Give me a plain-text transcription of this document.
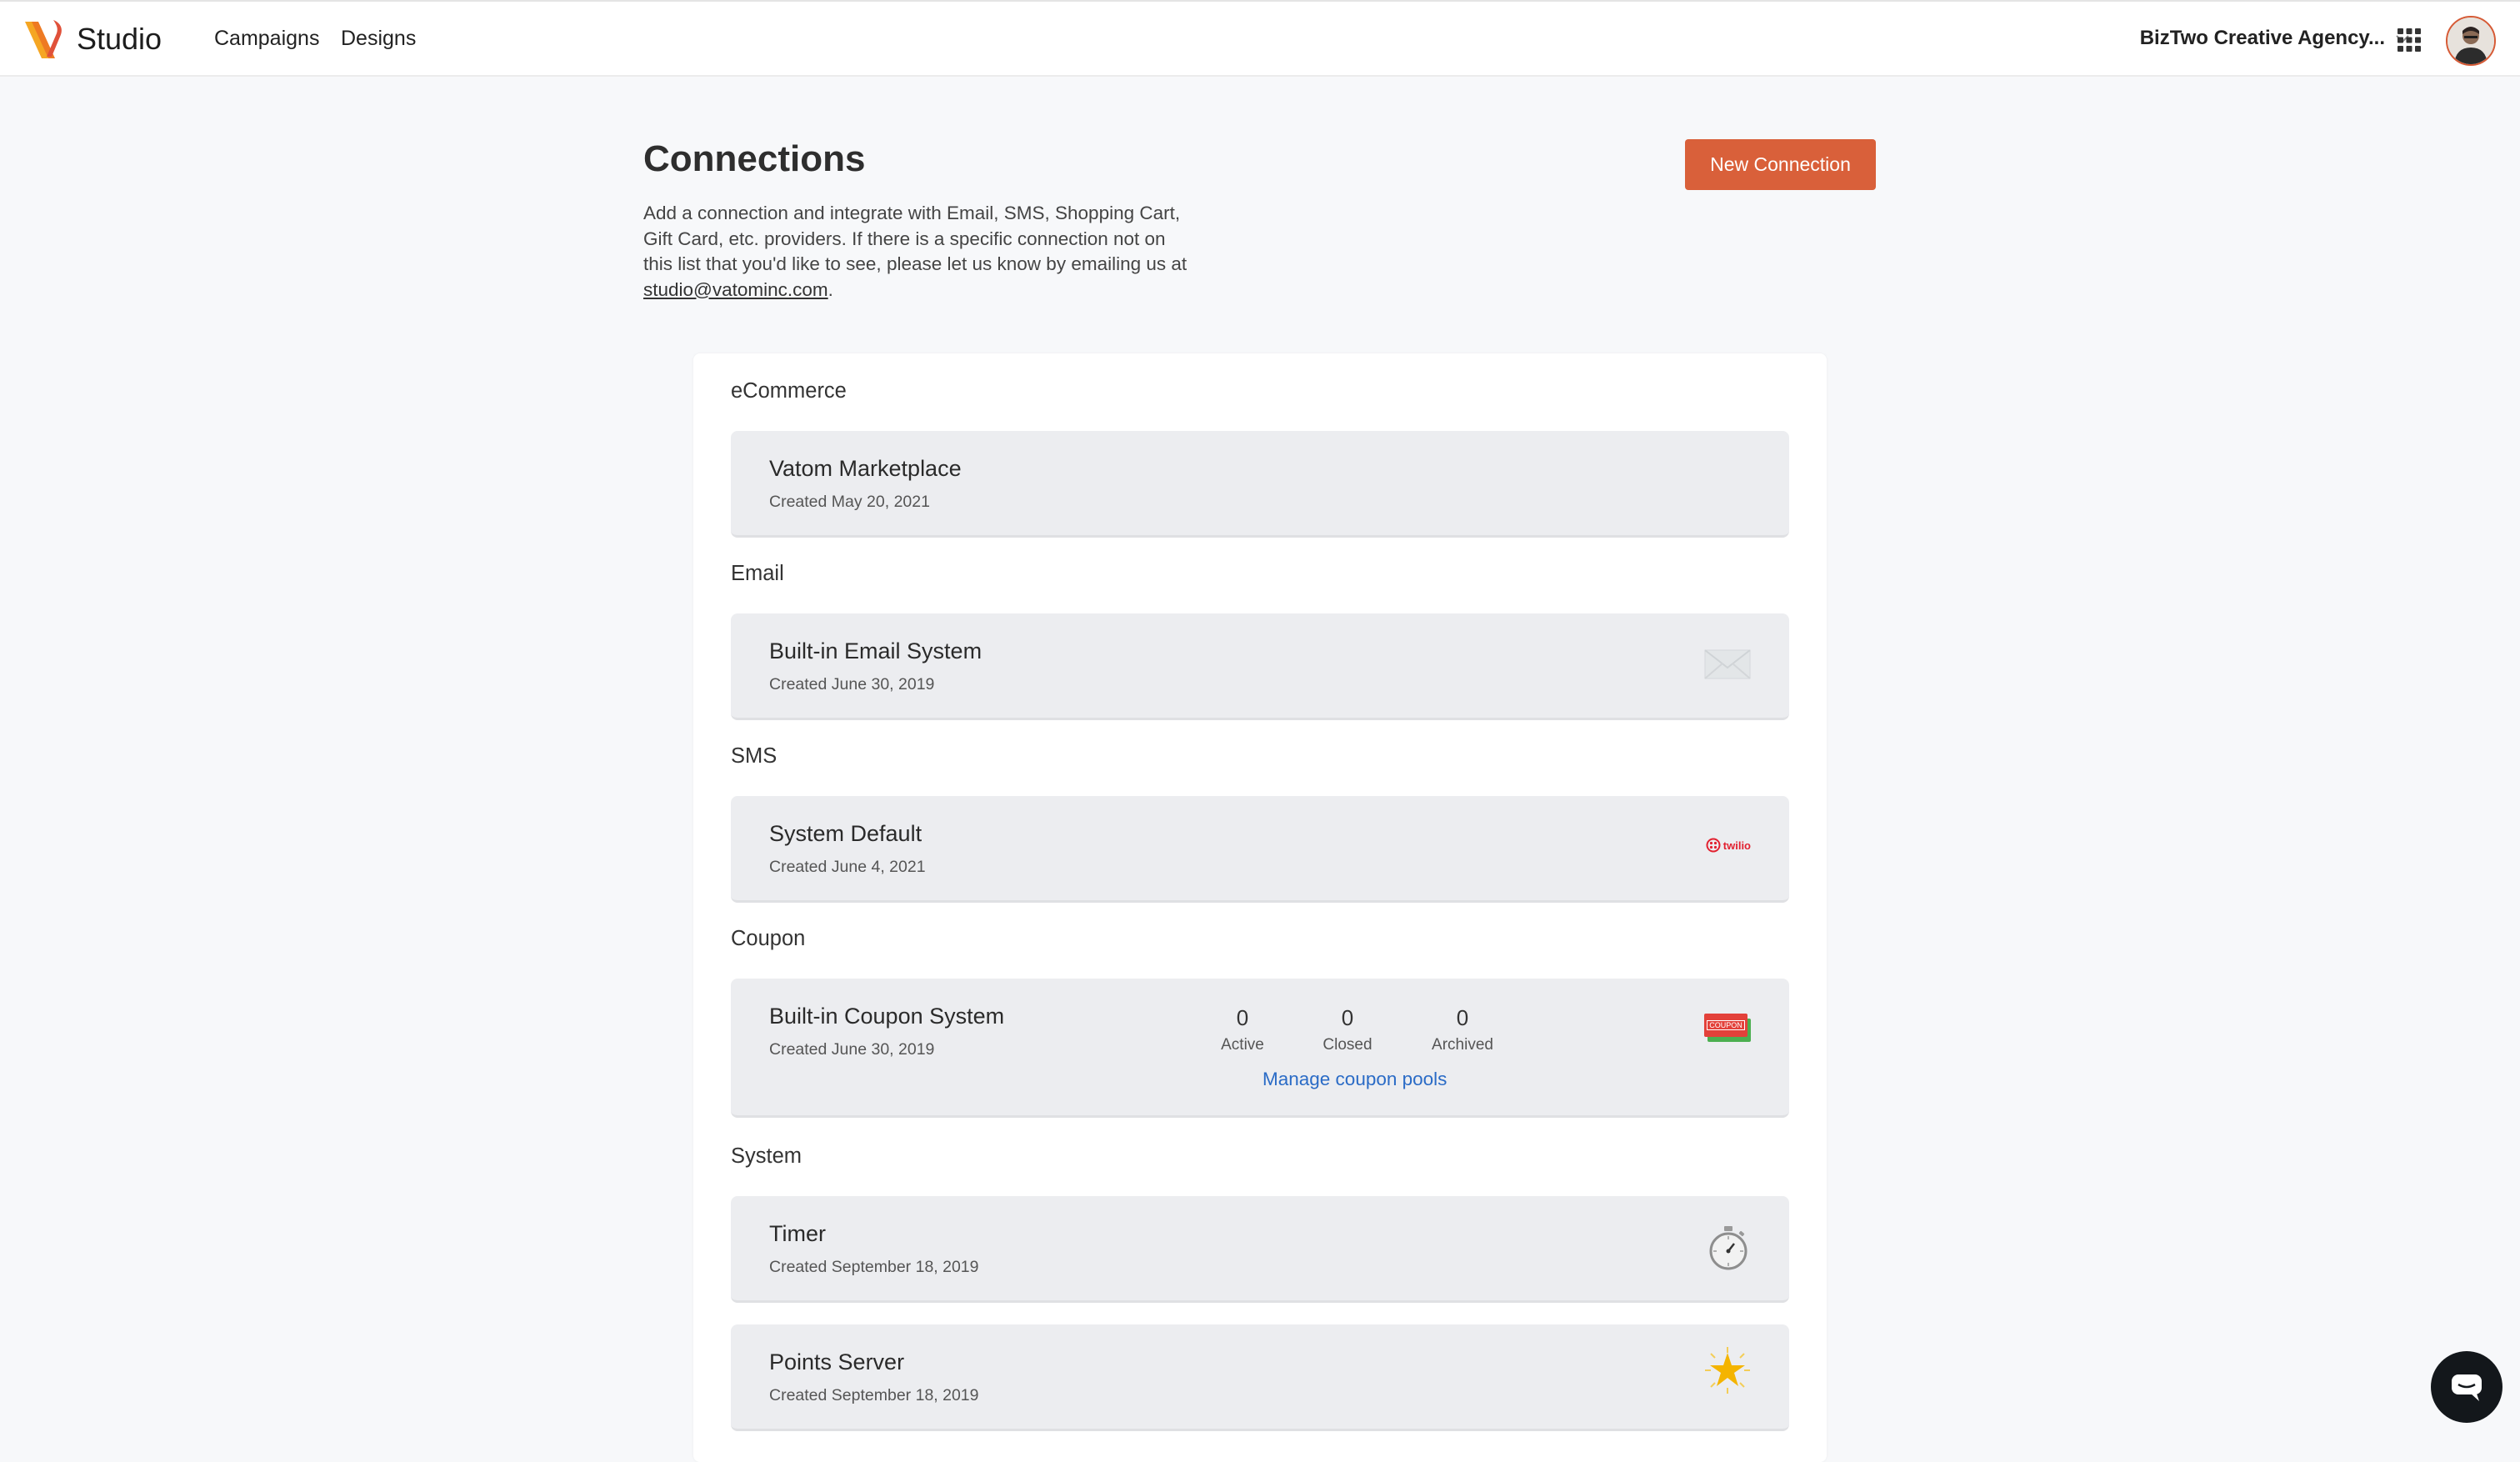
Studio	Campaigns Designs	BizTwo Creative Agency...
Connections

Add a connection and integrate with Email, SMS, Shopping Cart, Gift Card, etc. providers. If there is a specific connection not on this list that you'd like to see, please let us know by emailing us at studio@vatominc.com.

New Connection
eCommerce
Vatom Marketplace
Created May 20, 2021
Email
Built-in Email System
Created June 30, 2019
SMS
System Default
Created June 4, 2021
twilio
Coupon
Built-in Coupon System
Created June 30, 2019
0
Active
0
Closed
0
Archived
Manage coupon pools
COUPON
System
Timer
Created September 18, 2019
Points Server
Created September 18, 2019
